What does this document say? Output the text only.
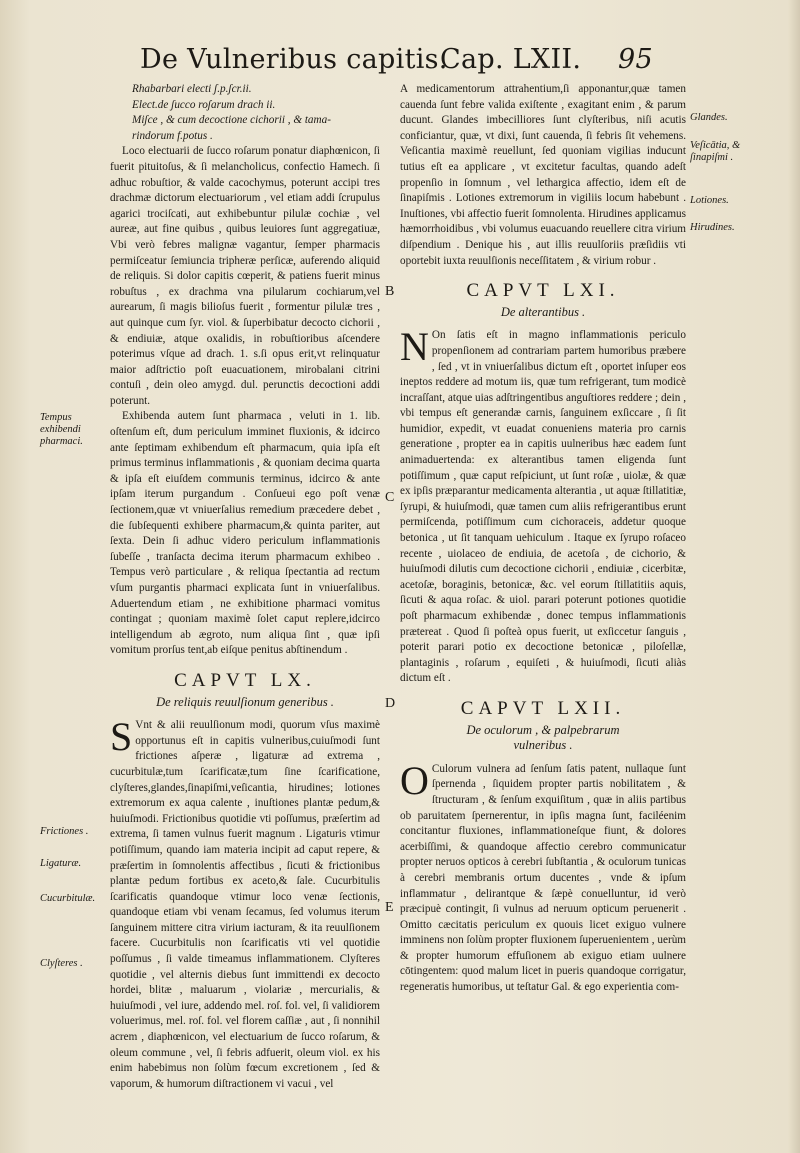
De Vulneribus capitis.
Cap. LXII. 95

Rhabarbari electi ʃ.p.ʃcr.ii.

Elect.de ʃucco roʃarum drach ii.

Miʃce , & cum decoctione cichorii , & tama-

rindorum f.potus .

Loco electuarii de ſucco roſarum ponatur diaphœnicon, ſi fuerit pituitoſus, & ſi melancholicus, confectio Hamech. ſi adhuc robuſtior, & valde cacochymus, poterunt accipi tres drachmæ dictorum electuariorum , vel etiam addi ſcrupulus agarici trociſcati, aut exhibebuntur pilulæ cochiæ , vel aureæ, aut fine quibus , quibus leuiores ſunt aggregatiuæ, Vbi verò febres malignæ vagantur, ſemper pharmacis permiſceatur ſemiuncia tripheræ perſicæ, auferendo aliquid de reliquis. Si dolor capitis cœperit, & patiens fuerit minus robuſtus , ex drachma vna pilularum cochiarum,vel aurearum, ſi magis bilioſus fuerit , formentur pilulæ tres , aut quinque cum ſyr. viol. & ſuperbibatur decocto cichorii , & endiuiæ, atque oxalidis, in robuſtioribus aſcendere poterimus vſque ad drach. 1. s.ſi opus erit,vt relinquatur maior adſtrictio poſt euacuationem, mirobalani citrini contuſi , dein oleo amygd. dul. perunctis decoctioni addi poterunt.

Exhibenda autem ſunt pharmaca , veluti in 1. lib. oſtenſum eſt, dum periculum imminet fluxionis, & idcirco ante ſeptimam exhibendum eſt pharmacum, quia ipſa eſt primus terminus inflammationis , & quoniam decima quarta & ipſa eſt eiuſdem communis terminus, idcirco & ante ipſam iterum purgandum . Conſueui ego poſt venæ ſectionem,quæ vt vniuerſalius remedium præcedere debet , die ſubſequenti exhibere pharmacum,& quinta pariter, aut ſexta. Dein ſi adhuc videro periculum inflammationis ſubeſſe , tranſacta decima iterum pharmacum exhibeo . Tempus verò particulare , & reliqua ſpectantia ad rectum vſum purgantis pharmaci explicata ſunt in vniuerſalibus. Aduertendum etiam , ne exhibitione pharmaci vomitus contingat ; quoniam maximè ſolet caput replere,idcirco intelligendum ab ægroto, num aliqua ſint , quæ ipſi vomitum prorſus tent,ab eiſque penitus abſtinendum .

CAPVT LX.
De reliquis reuulſionum generibus .

S Vnt & alii reuulſionum modi, quorum vſus maximè opportunus eſt in capitis vulneribus,cuiuſmodi ſunt frictiones aſperæ , ligaturæ ad extrema , cucurbitulæ,tum ſcarificatæ,tum ſine ſcarificatione, clyſteres,glandes,ſinapiſmi,veſicantia, hirudines; lotiones extremorum ex aqua calente , inuſtiones plantæ pedum,& huiuſmodi. Frictionibus quotidie vti poſſumus, præſertim ad extrema, ſi tamen vulnus fuerit magnum . Ligaturis vtimur potiſſimum, quando iam materia incipit ad caput repere, & præſertim in ſomnolentis affectibus , ſicuti & frictionibus plantæ pedum fortibus ex aceto,& ſale. Cucurbitulis ſcarificatis quandoque vtimur loco venæ ſectionis, quandoque etiam vbi venam ſecamus, ſed volumus iterum ſanguinem mittere citra virium iacturam, & ita reuulſionem facere. Cucurbitulis non ſcarificatis vti vel quotidie poſſumus , ſi valde timeamus inflammationem. Clyſteres quotidie , vel alternis diebus ſunt immittendi ex decocto hordei, blitæ , maluarum , violariæ , mercurialis, & huiuſmodi , vel iure, addendo mel. roſ. fol. vel, ſi validiorem voluerimus, mel. roſ. fol. vel florem caſſiæ , aut , ſi nonnihil acrem , diaphœnicon, vel electuarium de ſucco roſarum, & oleum commune , vel, ſi febris adfuerit, oleum viol. ex his enim habebimus non ſolùm fœcum excretionem , ſed & vaporum, & humorum diſtractionem vi vacui , vel

A medicamentorum attrahentium,ſi apponantur,quæ tamen cauenda ſunt febre valida exiſtente , exagitant enim , & parum ducunt. Glandes imbecilliores ſunt clyſteribus, niſi acutis conficiantur, quæ, vt dixi, ſunt cauenda, ſi febris ſit vehemens. Veſicantia maximè reuellunt, ſed quoniam vigilias inducunt tutius eſt ea applicare , vt excitetur facultas, quando adeſt propenſio in ſomnum , vel lethargica affectio, idem eſt de ſinapiſmis . Lotiones extremorum in vigiliis locum habebunt . Inuſtiones, vbi affectio fuerit ſomnolenta. Hirudines applicamus hæmorrhoidibus , vbi volumus euacuando reuellere citra virium diſpendium . Denique his , aut illis reuulſoriis præſidiis vti oportebit iuxta reuulſionis neceſſitatem , & virium robur .

CAPVT LXI.
De alterantibus .

N On ſatis eſt in magno inflammationis periculo propenſionem ad contrariam partem humoribus præbere , ſed , vt in vniuerſalibus dictum eſt , oportet inſuper eos ineptos reddere ad motum iis, quæ tum refrigerant, tum modicè incraſſant, atque uias adſtringentibus anguſtiores reddere ; dein , vbi tempus eſt generandæ carnis, ſanguinem exſiccare , ſi ſit humidior, expedit, vt euadat conueniens materia pro carnis generatione , propter ea in capitis uulneribus hæc eadem ſunt animaduertenda: ex alterantibus tamen eligenda ſunt potiſſimum , quæ caput reſpiciunt, ut ſunt roſæ , uiolæ, & quæ ex ipſis præparantur medicamenta alterantia , ut aquæ ſtillatitiæ, ſyrupi, & huiuſmodi, quæ tamen cum aliis refrigerantibus erunt permiſcenda, potiſſimum cum cichoraceis, addetur quoque betonica , ut ſit tanquam uehiculum . Itaque ex ſyrupo roſaceo recente , uiolaceo de endiuia, de acetoſa , de cichorio, & huiuſmodi dilutis cum decoctione cichorii , endiuiæ , cicerbitæ, acetoſæ, boraginis, betonicæ, &c. vel eorum ſtillatitiis aquis, ſicuti & aqua roſac. & uiol. parari poterunt potiones quotidie poſt pharmacum exhibendæ , donec tempus inflammationis prætereat . Quod ſi poſteà opus fuerit, ut exſiccetur ſanguis , poterit parari potio ex decoctione betonicæ , piloſellæ, plantaginis , roſarum , equiſeti , & huiuſmodi, ſicuti aliàs dictum eſt .

CAPVT LXII.
De oculorum , & palpebrarum
vulneribus .

O Culorum vulnera ad ſenſum ſatis patent, nullaque ſunt ſpernenda , ſiquidem propter partis nobilitatem , & ſtructuram , & ſenſum exquiſitum , quæ in aliis partibus ob paruitatem ſpernerentur, in ipſis magna ſunt, faciléenim concitantur fluxiones, inflammationeſque fiunt, & dolores acerbiſſimi, & quandoque affectio cerebro communicatur propter neruos opticos à cerebri ſubſtantia , & oculorum tunicas à cerebri membranis ortum ducentes , vnde & ipſum inflammatur , delirantque & ſæpè conuelluntur, id verò præcipuè contingit, ſi vulnus ad neruum opticum peruenerit . Omitto cæcitatis periculum ex quouis licet exiguo vulnere imminens non ſolùm propter fluxionem ſuperuenientem , uerùm & propter humorum effuſionem ab exiguo etiam uulnere cōtingentem: quod malum licet in pueris quandoque corrigatur, regeneratis humoribus, ut teſtatur Gal. & ego experientia com-

Tempus exhibendi pharmaci.
Frictiones .
Ligaturæ.
Cucurbitulæ.
Clyſteres .
Glandes.
Veſicātia, & ſinapiſmi .
Lotiones.
Hirudines.
B
C
D
E
